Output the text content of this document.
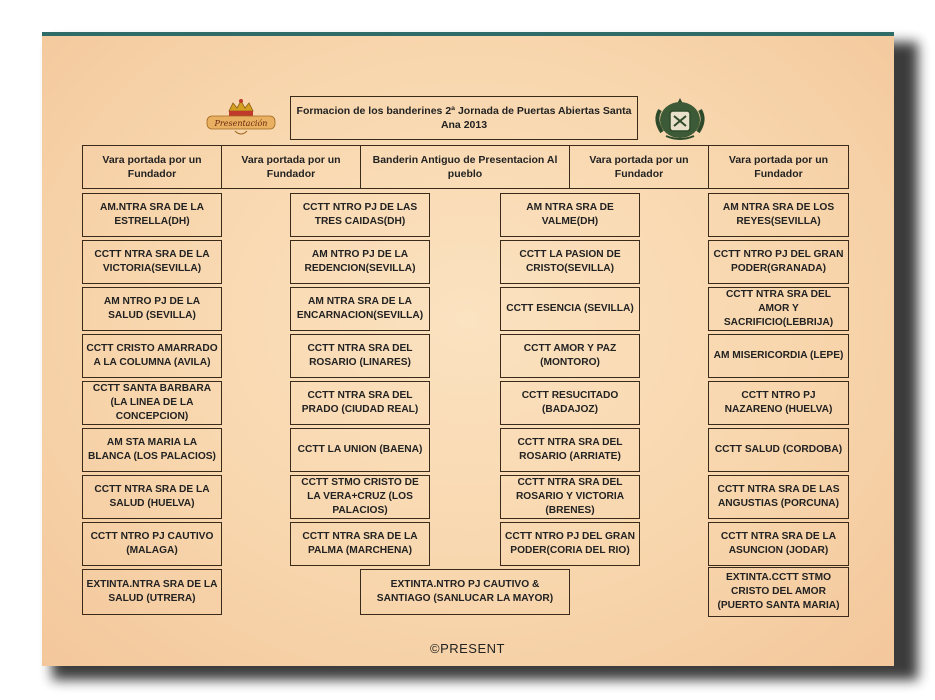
Presentación
Formacion de los banderines 2ª Jornada de Puertas Abiertas Santa Ana 2013
Vara portada por un Fundador
Vara portada por un Fundador
Banderin Antiguo de Presentacion Al pueblo
Vara portada por un Fundador
Vara portada por un Fundador
AM.NTRA SRA DE LA ESTRELLA(DH)
CCTT NTRA SRA DE LA VICTORIA(SEVILLA)
AM NTRO PJ DE LA SALUD (SEVILLA)
CCTT CRISTO AMARRADO A LA COLUMNA (AVILA)
CCTT SANTA BARBARA (LA LINEA DE LA CONCEPCION)
AM STA MARIA LA BLANCA (LOS PALACIOS)
CCTT NTRA SRA DE LA SALUD (HUELVA)
CCTT NTRO PJ CAUTIVO (MALAGA)
EXTINTA.NTRA SRA DE LA SALUD (UTRERA)
CCTT NTRO PJ DE LAS TRES CAIDAS(DH)
AM NTRO PJ DE LA REDENCION(SEVILLA)
AM NTRA SRA DE LA ENCARNACION(SEVILLA)
CCTT NTRA SRA DEL ROSARIO (LINARES)
CCTT NTRA SRA DEL PRADO (CIUDAD REAL)
CCTT LA UNION (BAENA)
CCTT STMO CRISTO DE LA VERA+CRUZ (LOS PALACIOS)
CCTT NTRA SRA DE LA PALMA (MARCHENA)
AM NTRA SRA DE VALME(DH)
CCTT LA PASION DE CRISTO(SEVILLA)
CCTT ESENCIA (SEVILLA)
CCTT AMOR Y PAZ (MONTORO)
CCTT RESUCITADO (BADAJOZ)
CCTT NTRA SRA DEL ROSARIO (ARRIATE)
CCTT NTRA SRA DEL ROSARIO Y VICTORIA (BRENES)
CCTT NTRO PJ DEL GRAN PODER(CORIA DEL RIO)
EXTINTA.NTRO PJ CAUTIVO & SANTIAGO (SANLUCAR LA MAYOR)
AM NTRA SRA DE LOS REYES(SEVILLA)
CCTT NTRO PJ DEL GRAN PODER(GRANADA)
CCTT NTRA SRA DEL AMOR Y SACRIFICIO(LEBRIJA)
AM MISERICORDIA (LEPE)
CCTT NTRO PJ NAZARENO (HUELVA)
CCTT SALUD (CORDOBA)
CCTT NTRA SRA DE LAS ANGUSTIAS (PORCUNA)
CCTT NTRA SRA DE LA ASUNCION (JODAR)
EXTINTA.CCTT STMO CRISTO DEL AMOR (PUERTO SANTA MARIA)
©PRESENT
